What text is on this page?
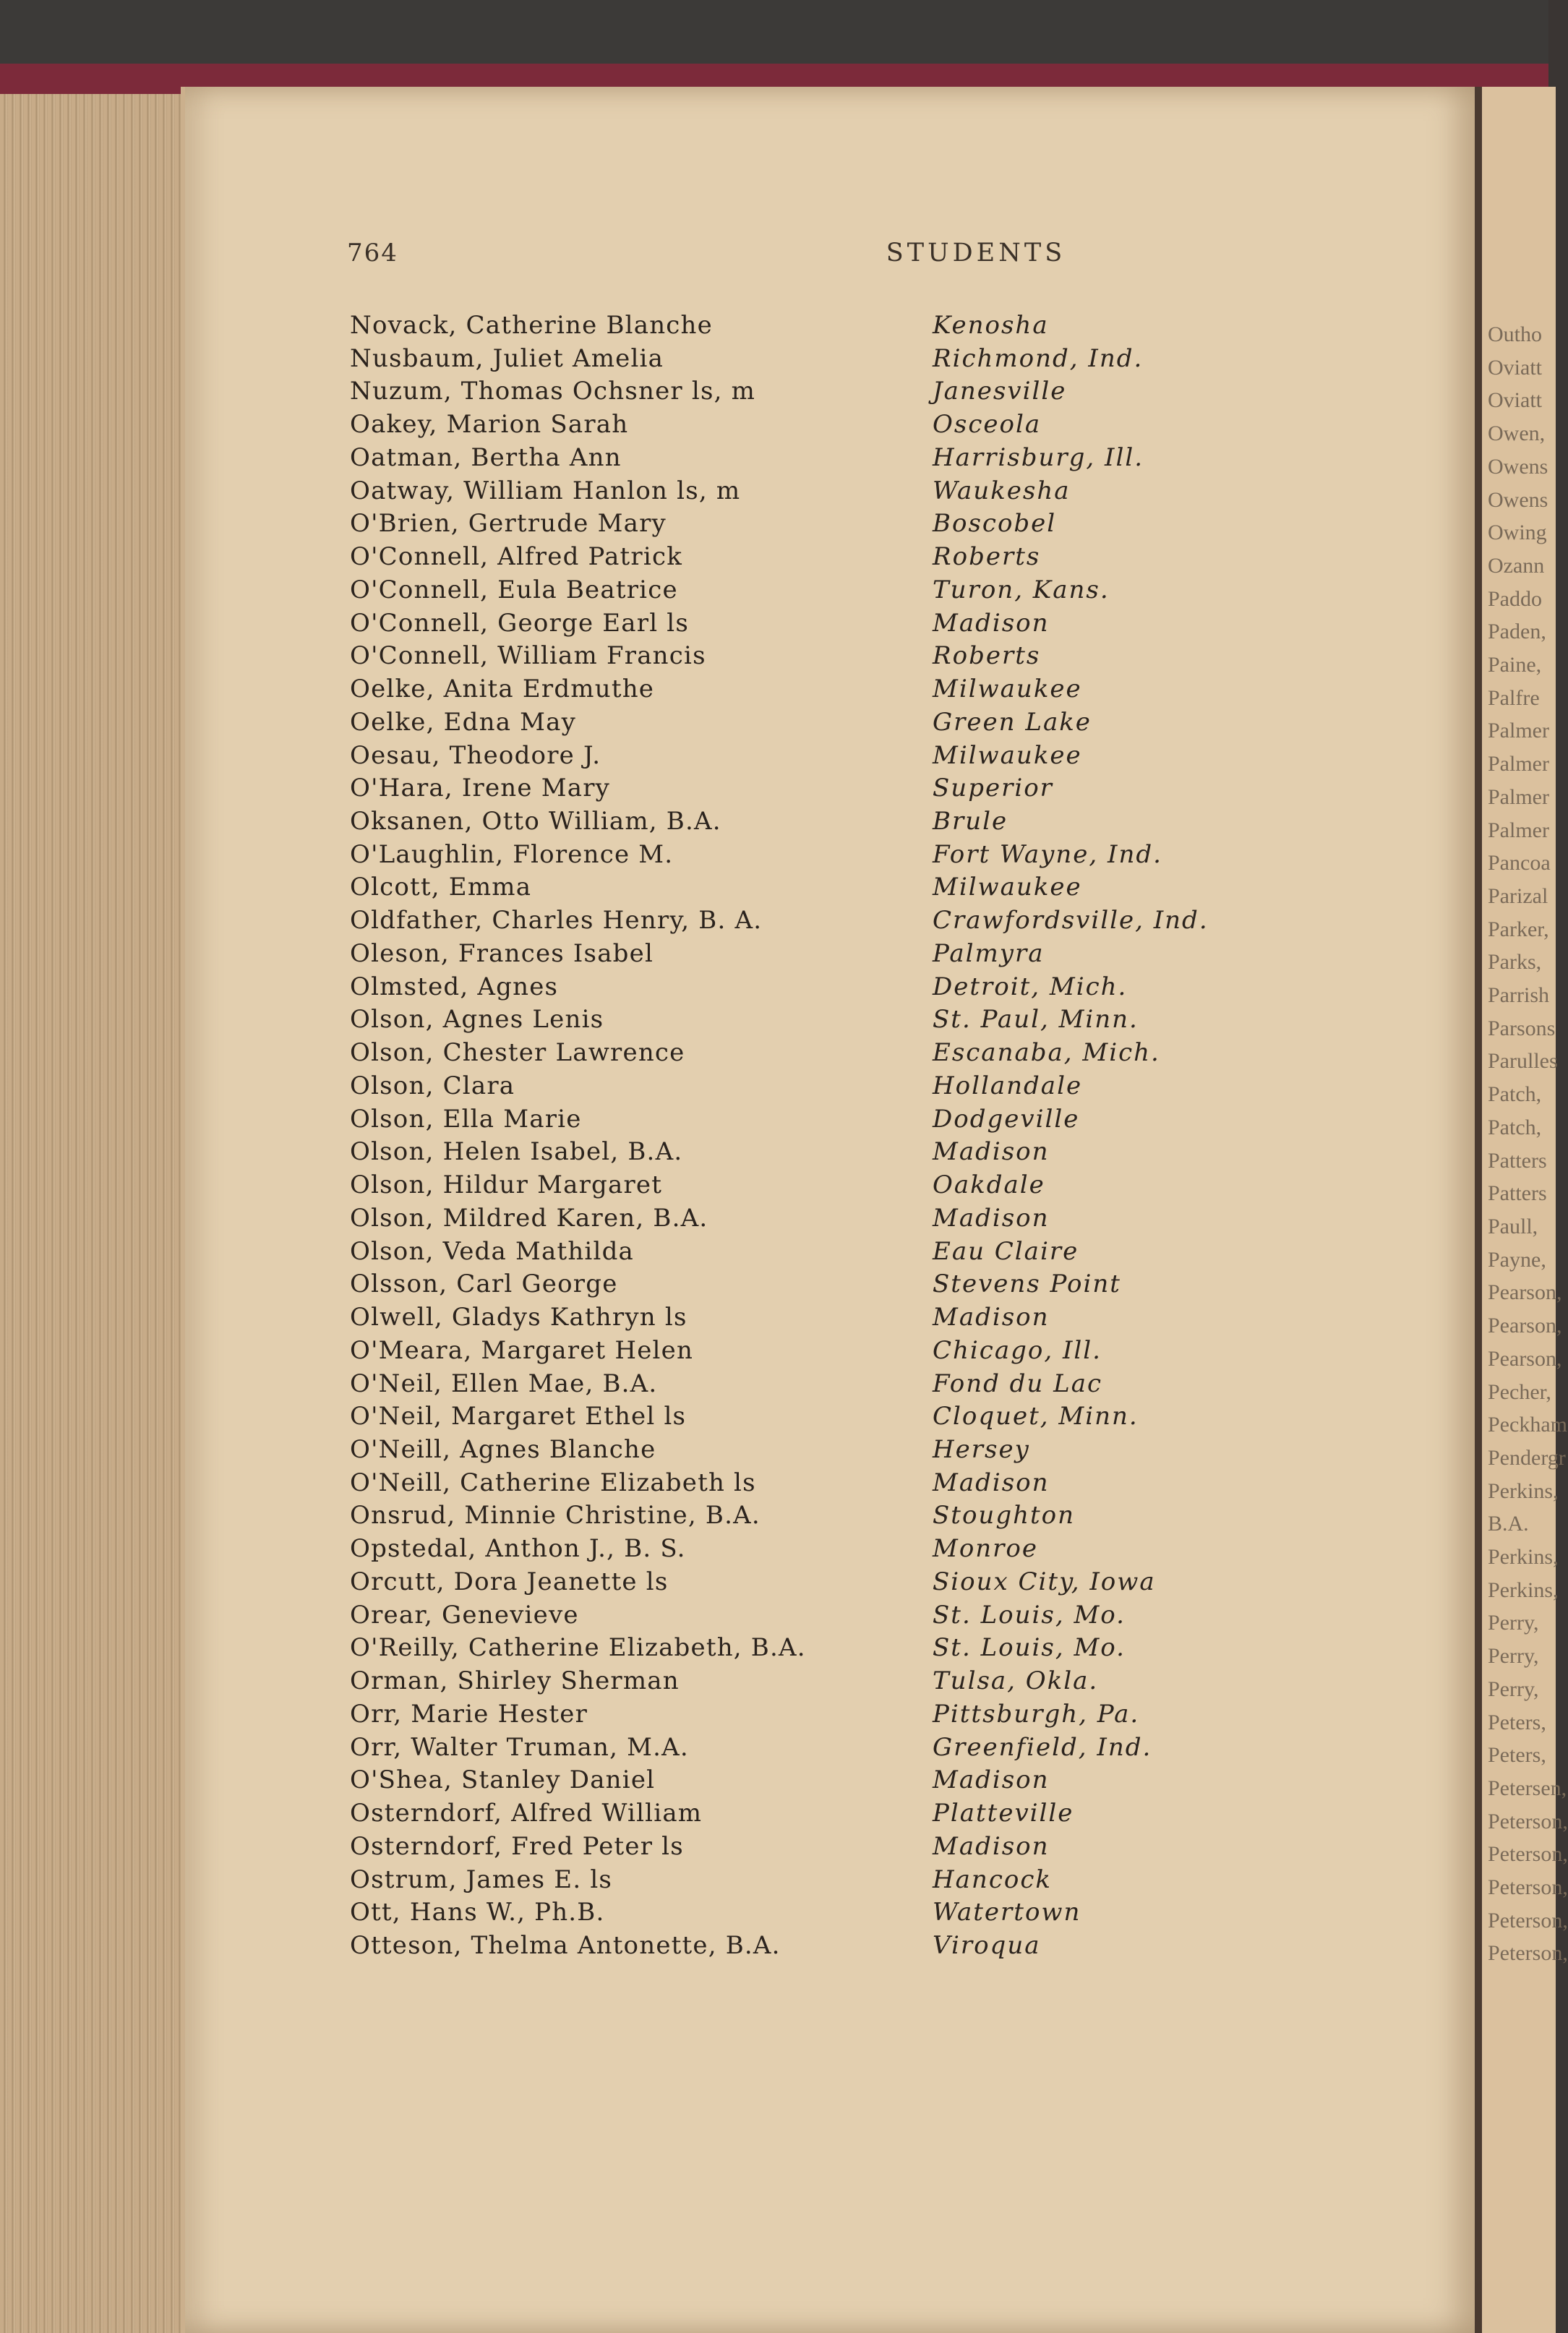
Outho
Oviatt
Oviatt
Owen,
Owens
Owens
Owing
Ozann
Paddo
Paden,
Paine,
Palfre
Palmer
Palmer
Palmer
Palmer
Pancoa
Parizal
Parker,
Parks,
Parrish
Parsons
Parulles
Patch,
Patch,
Patters
Patters
Paull,
Payne,
Pearson,
Pearson,
Pearson,
Pecher,
Peckham
Pendergr
Perkins,
B.A.
Perkins,
Perkins,
Perry,
Perry,
Perry,
Peters,
Peters,
Petersen,
Peterson,
Peterson,
Peterson,
Peterson,
Peterson,
764	STUDENTS
Novack, Catherine Blanche	Kenosha
Nusbaum, Juliet Amelia	Richmond, Ind.
Nuzum, Thomas Ochsner ls, m	Janesville
Oakey, Marion Sarah	Osceola
Oatman, Bertha Ann	Harrisburg, Ill.
Oatway, William Hanlon ls, m	Waukesha
O'Brien, Gertrude Mary	Boscobel
O'Connell, Alfred Patrick	Roberts
O'Connell, Eula Beatrice	Turon, Kans.
O'Connell, George Earl ls	Madison
O'Connell, William Francis	Roberts
Oelke, Anita Erdmuthe	Milwaukee
Oelke, Edna May	Green Lake
Oesau, Theodore J.	Milwaukee
O'Hara, Irene Mary	Superior
Oksanen, Otto William, B.A.	Brule
O'Laughlin, Florence M.	Fort Wayne, Ind.
Olcott, Emma	Milwaukee
Oldfather, Charles Henry, B. A.	Crawfordsville, Ind.
Oleson, Frances Isabel	Palmyra
Olmsted, Agnes	Detroit, Mich.
Olson, Agnes Lenis	St. Paul, Minn.
Olson, Chester Lawrence	Escanaba, Mich.
Olson, Clara	Hollandale
Olson, Ella Marie	Dodgeville
Olson, Helen Isabel, B.A.	Madison
Olson, Hildur Margaret	Oakdale
Olson, Mildred Karen, B.A.	Madison
Olson, Veda Mathilda	Eau Claire
Olsson, Carl George	Stevens Point
Olwell, Gladys Kathryn ls	Madison
O'Meara, Margaret Helen	Chicago, Ill.
O'Neil, Ellen Mae, B.A.	Fond du Lac
O'Neil, Margaret Ethel ls	Cloquet, Minn.
O'Neill, Agnes Blanche	Hersey
O'Neill, Catherine Elizabeth ls	Madison
Onsrud, Minnie Christine, B.A.	Stoughton
Opstedal, Anthon J., B. S.	Monroe
Orcutt, Dora Jeanette ls	Sioux City, Iowa
Orear, Genevieve	St. Louis, Mo.
O'Reilly, Catherine Elizabeth, B.A.	St. Louis, Mo.
Orman, Shirley Sherman	Tulsa, Okla.
Orr, Marie Hester	Pittsburgh, Pa.
Orr, Walter Truman, M.A.	Greenfield, Ind.
O'Shea, Stanley Daniel	Madison
Osterndorf, Alfred William	Platteville
Osterndorf, Fred Peter ls	Madison
Ostrum, James E. ls	Hancock
Ott, Hans W., Ph.B.	Watertown
Otteson, Thelma Antonette, B.A.	Viroqua
